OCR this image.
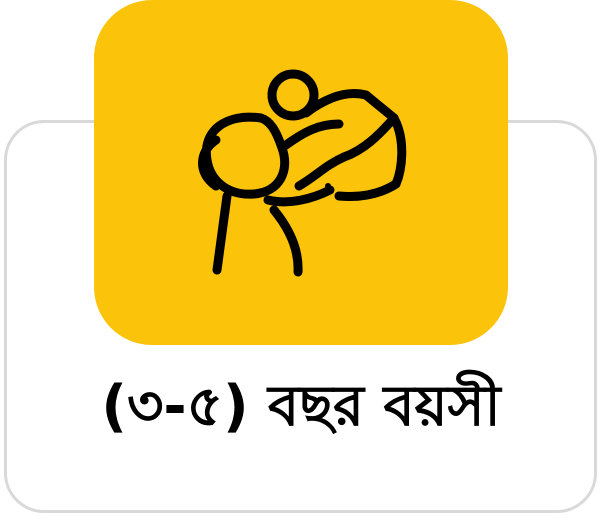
(৩-৫) বছর বয়সী
